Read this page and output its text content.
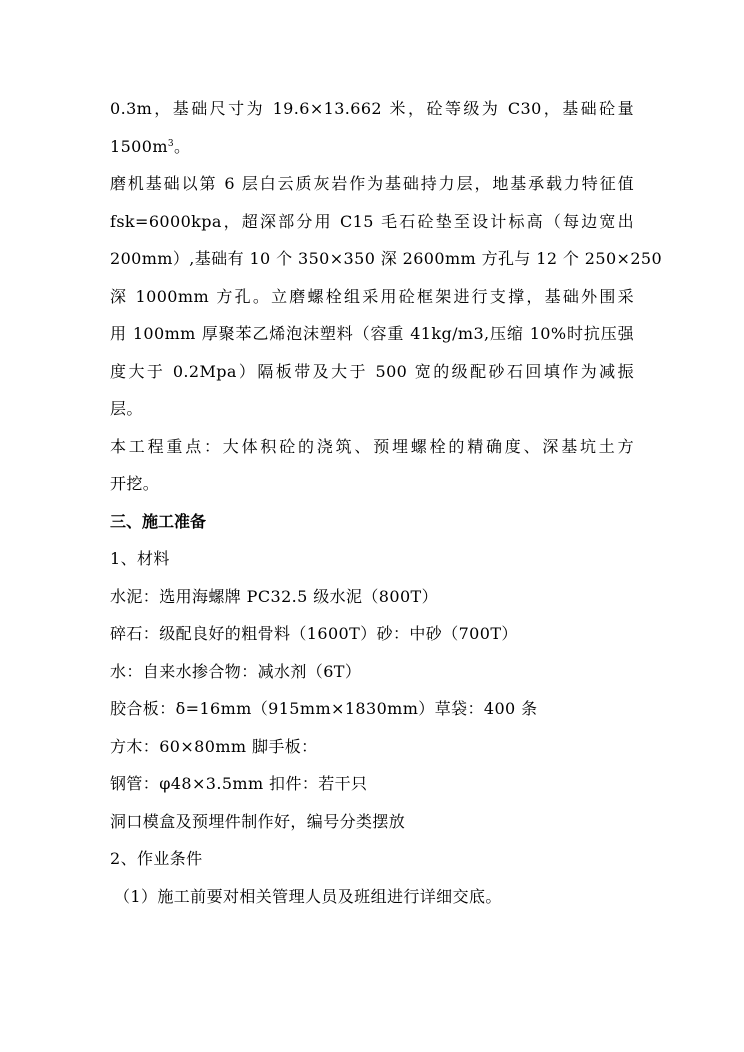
0.3m，基础尺寸为 19.6×13.662 米，砼等级为 C30，基础砼量
$1500m^3$。
磨机基础以第 6 层白云质灰岩作为基础持力层，地基承载力特征值
fsk=6000kpa，超深部分用 C15 毛石砼垫至设计标高（每边宽出
200mm）,基础有 10 个 350×350 深 2600mm 方孔与 12 个 250×250
深 1000mm 方孔。立磨螺栓组采用砼框架进行支撑，基础外围采
用 100mm 厚聚苯乙烯泡沫塑料（容重 41kg/m3,压缩 10%时抗压强
度大于 0.2Mpa）隔板带及大于 500 宽的级配砂石回填作为减振
层。
本工程重点：大体积砼的浇筑、预埋螺栓的精确度、深基坑土方
开挖。
三、施工准备

1、材料

水泥：选用海螺牌 PC32.5 级水泥（800T）

碎石：级配良好的粗骨料（1600T）砂：中砂（700T）

水：自来水掺合物：减水剂（6T）

胶合板：δ=16mm（915mm×1830mm）草袋：400 条

方木：60×80mm 脚手板：

钢管：φ48×3.5mm 扣件：若干只

洞口模盒及预埋件制作好，编号分类摆放

2、作业条件

（1）施工前要对相关管理人员及班组进行详细交底。
